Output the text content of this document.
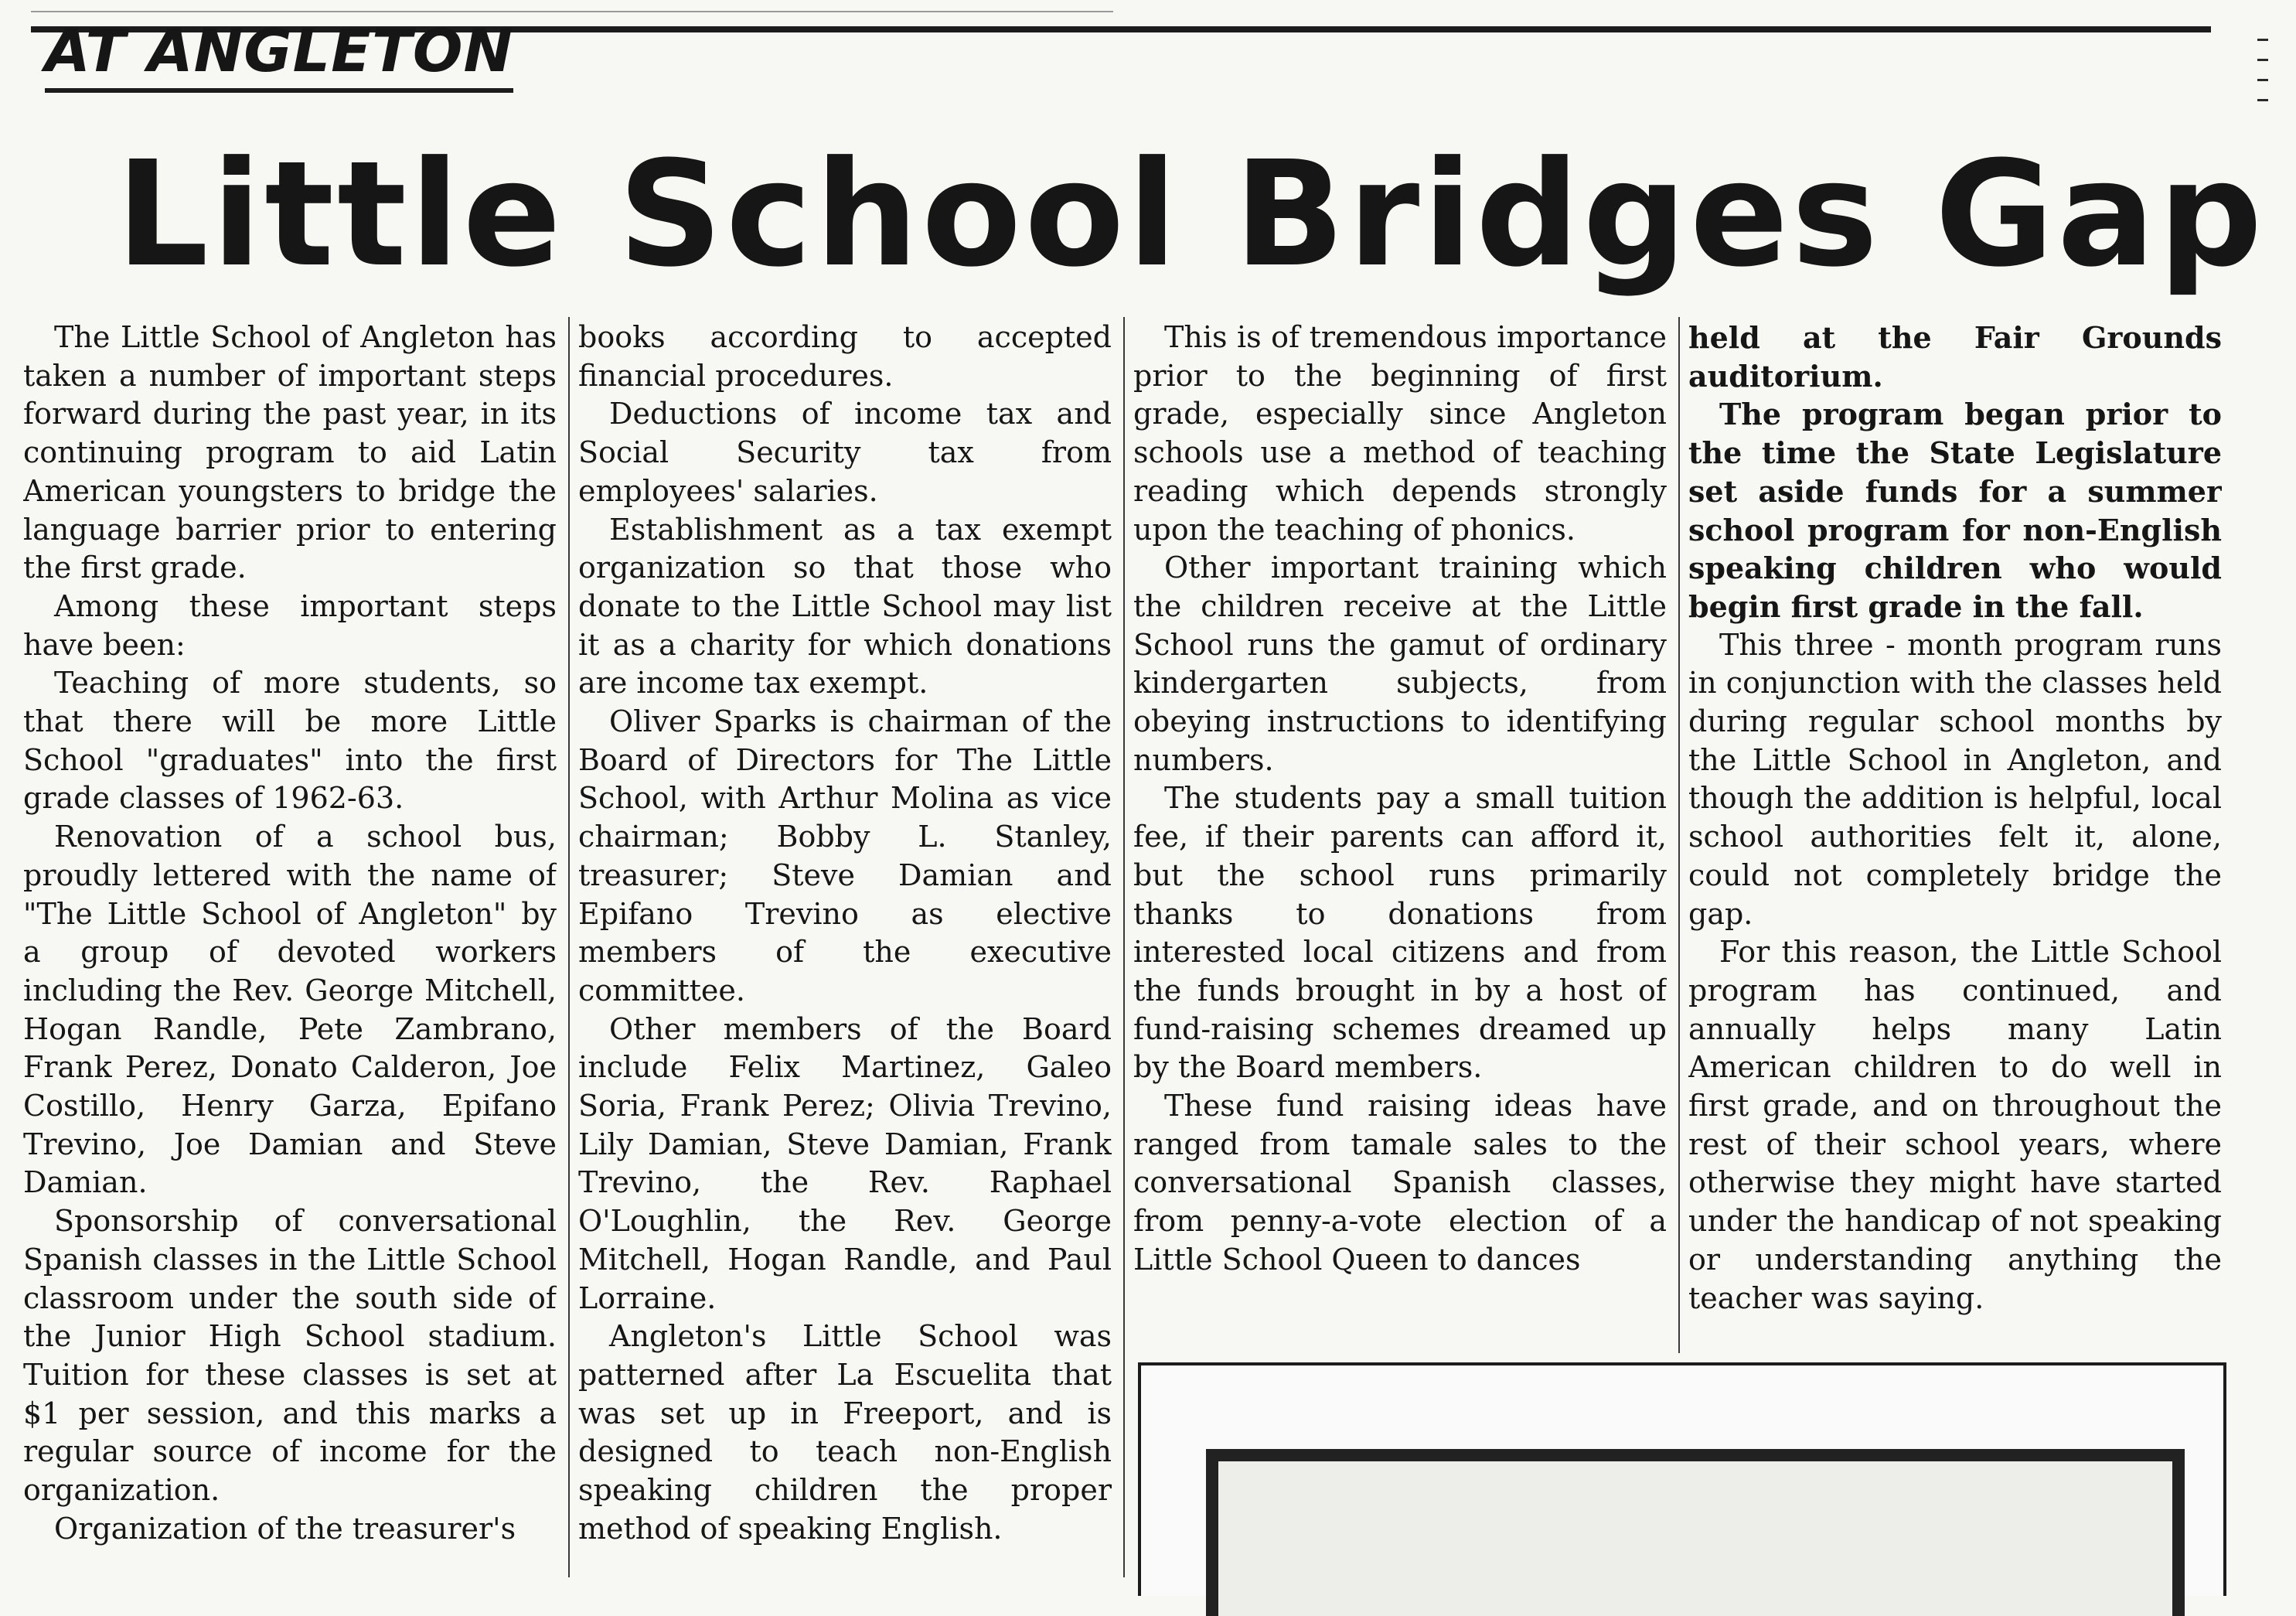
AT ANGLETON
Little School Bridges Gap

The Little School of Angleton has taken a number of important steps forward during the past year, in its continuing program to aid Latin American youngsters to bridge the language barrier prior to entering the first grade.

Among these important steps have been:

Teaching of more students, so that there will be more Little School "graduates" into the first grade classes of 1962-63.

Renovation of a school bus, proudly lettered with the name of "The Little School of Angleton" by a group of devoted workers including the Rev. George Mitchell, Hogan Randle, Pete Zambrano, Frank Perez, Donato Calderon, Joe Costillo, Henry Garza, Epifano Trevino, Joe Damian and Steve Damian.

Sponsorship of conversational Spanish classes in the Little School classroom under the south side of the Junior High School stadium. Tuition for these classes is set at $1 per session, and this marks a regular source of income for the organization.

Organization of the treasurer's

books according to accepted financial procedures.

Deductions of income tax and Social Security tax from employees' salaries.

Establishment as a tax exempt organization so that those who donate to the Little School may list it as a charity for which donations are income tax exempt.

Oliver Sparks is chairman of the Board of Directors for The Little School, with Arthur Molina as vice chairman; Bobby L. Stanley, treasurer; Steve Damian and Epifano Trevino as elective members of the executive committee.

Other members of the Board include Felix Martinez, Galeo Soria, Frank Perez; Olivia Trevino, Lily Damian, Steve Damian, Frank Trevino, the Rev. Raphael O'Loughlin, the Rev. George Mitchell, Hogan Randle, and Paul Lorraine.

Angleton's Little School was patterned after La Escuelita that was set up in Freeport, and is designed to teach non-English speaking children the proper method of speaking English.

This is of tremendous importance prior to the beginning of first grade, especially since Angleton schools use a method of teaching reading which depends strongly upon the teaching of phonics.

Other important training which the children receive at the Little School runs the gamut of ordinary kindergarten subjects, from obeying instructions to identifying numbers.

The students pay a small tuition fee, if their parents can afford it, but the school runs primarily thanks to donations from interested local citizens and from the funds brought in by a host of fund-raising schemes dreamed up by the Board members.

These fund raising ideas have ranged from tamale sales to the conversational Spanish classes, from penny-a-vote election of a Little School Queen to dances

held at the Fair Grounds auditorium.

The program began prior to the time the State Legislature set aside funds for a summer school program for non-English speaking children who would begin first grade in the fall.

This three - month program runs in conjunction with the classes held during regular school months by the Little School in Angleton, and though the addition is helpful, local school authorities felt it, alone, could not completely bridge the gap.

For this reason, the Little School program has continued, and annually helps many Latin American children to do well in first grade, and on throughout the rest of their school years, where otherwise they might have started under the handicap of not speaking or understanding anything the teacher was saying.
